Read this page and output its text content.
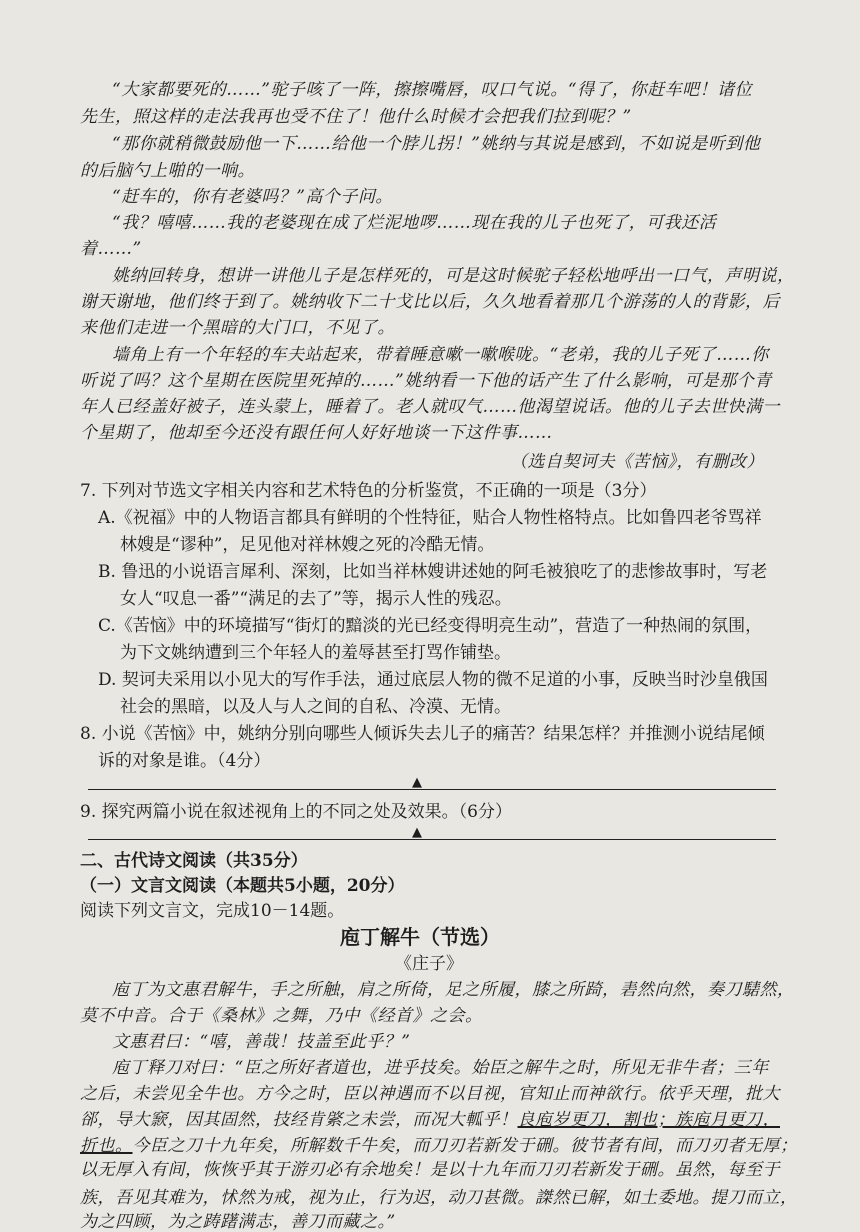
“大家都要死的……”驼子咳了一阵，擦擦嘴唇，叹口气说。“得了，你赶车吧！诸位
先生，照这样的走法我再也受不住了！他什么时候才会把我们拉到呢？”
“那你就稍微鼓励他一下……给他一个脖儿拐！”姚纳与其说是感到，不如说是听到他
的后脑勺上啪的一响。
“赶车的，你有老婆吗？”高个子问。
“我？嘻嘻……我的老婆现在成了烂泥地啰……现在我的儿子也死了，可我还活
着……”
姚纳回转身，想讲一讲他儿子是怎样死的，可是这时候驼子轻松地呼出一口气，声明说，
谢天谢地，他们终于到了。姚纳收下二十戈比以后，久久地看着那几个游荡的人的背影，后
来他们走进一个黑暗的大门口，不见了。
墙角上有一个年轻的车夫站起来，带着睡意嗽一嗽喉咙。“老弟，我的儿子死了……你
听说了吗？这个星期在医院里死掉的……”姚纳看一下他的话产生了什么影响，可是那个青
年人已经盖好被子，连头蒙上，睡着了。老人就叹气……他渴望说话。他的儿子去世快满一
个星期了，他却至今还没有跟任何人好好地谈一下这件事……
（选自契诃夫《苦恼》，有删改）
7. 下列对节选文字相关内容和艺术特色的分析鉴赏，不正确的一项是（3分）
A.《祝福》中的人物语言都具有鲜明的个性特征，贴合人物性格特点。比如鲁四老爷骂祥
林嫂是“谬种”，足见他对祥林嫂之死的冷酷无情。
B. 鲁迅的小说语言犀利、深刻，比如当祥林嫂讲述她的阿毛被狼吃了的悲惨故事时，写老
女人“叹息一番”“满足的去了”等，揭示人性的残忍。
C.《苦恼》中的环境描写“街灯的黯淡的光已经变得明亮生动”，营造了一种热闹的氛围，
为下文姚纳遭到三个年轻人的羞辱甚至打骂作铺垫。
D. 契诃夫采用以小见大的写作手法，通过底层人物的微不足道的小事，反映当时沙皇俄国
社会的黑暗，以及人与人之间的自私、冷漠、无情。
8. 小说《苦恼》中，姚纳分别向哪些人倾诉失去儿子的痛苦？结果怎样？并推测小说结尾倾
诉的对象是谁。（4分）
▲
9. 探究两篇小说在叙述视角上的不同之处及效果。（6分）
▲
二、古代诗文阅读（共35分）
（一）文言文阅读（本题共5小题，20分）
阅读下列文言文，完成10－14题。
庖丁解牛（节选）
《庄子》
庖丁为文惠君解牛，手之所触，肩之所倚，足之所履，膝之所踦，砉然向然，奏刀騞然，
莫不中音。合于《桑林》之舞，乃中《经首》之会。
文惠君曰：“嘻，善哉！技盖至此乎？”
庖丁释刀对曰：“臣之所好者道也，进乎技矣。始臣之解牛之时，所见无非牛者；三年
之后，未尝见全牛也。方今之时，臣以神遇而不以目视，官知止而神欲行。依乎天理，批大
郤，导大窾，因其固然，技经肯綮之未尝，而况大軱乎！良庖岁更刀，割也；族庖月更刀，
折也。今臣之刀十九年矣，所解数千牛矣，而刀刃若新发于硎。彼节者有间，而刀刃者无厚；
以无厚入有间，恢恢乎其于游刃必有余地矣！是以十九年而刀刃若新发于硎。虽然，每至于
族，吾见其难为，怵然为戒，视为止，行为迟，动刀甚微。謋然已解，如土委地。提刀而立，
为之四顾，为之踌躇满志，善刀而藏之。”
